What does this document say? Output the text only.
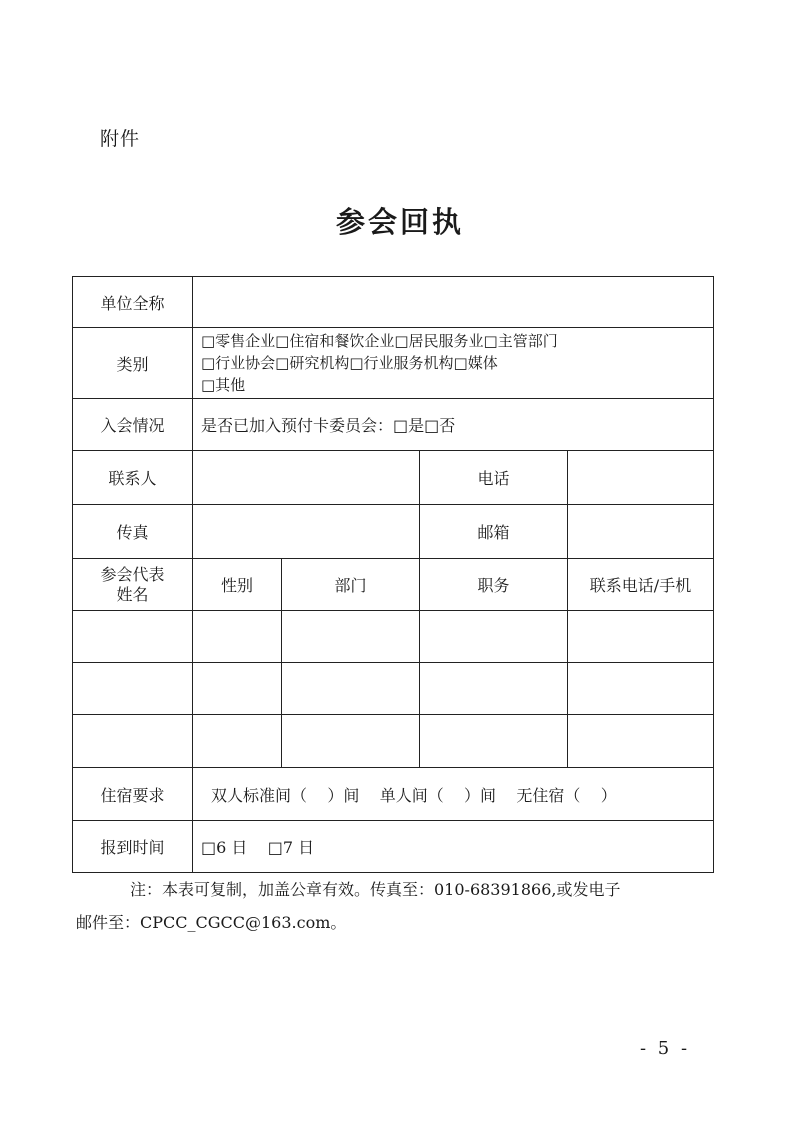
附件
参会回执
单位全称				
类别	□零售企业□住宿和餐饮企业□居民服务业□主管部门
□行业协会□研究机构□行业服务机构□媒体
□其他			

入会情况	是否已加入预付卡委员会：□是□否			
联系人			电话	
传真			邮箱	

参会代表
姓名	性别	部门	职务	联系电话/手机

住宿要求	双人标准间（    ）间    单人间（    ）间    无住宿（    ）			
报到时间	□6 日    □7 日			
注：本表可复制，加盖公章有效。传真至：010-68391866,或发电子
邮件至：CPCC_CGCC@163.com。
- 5 -
